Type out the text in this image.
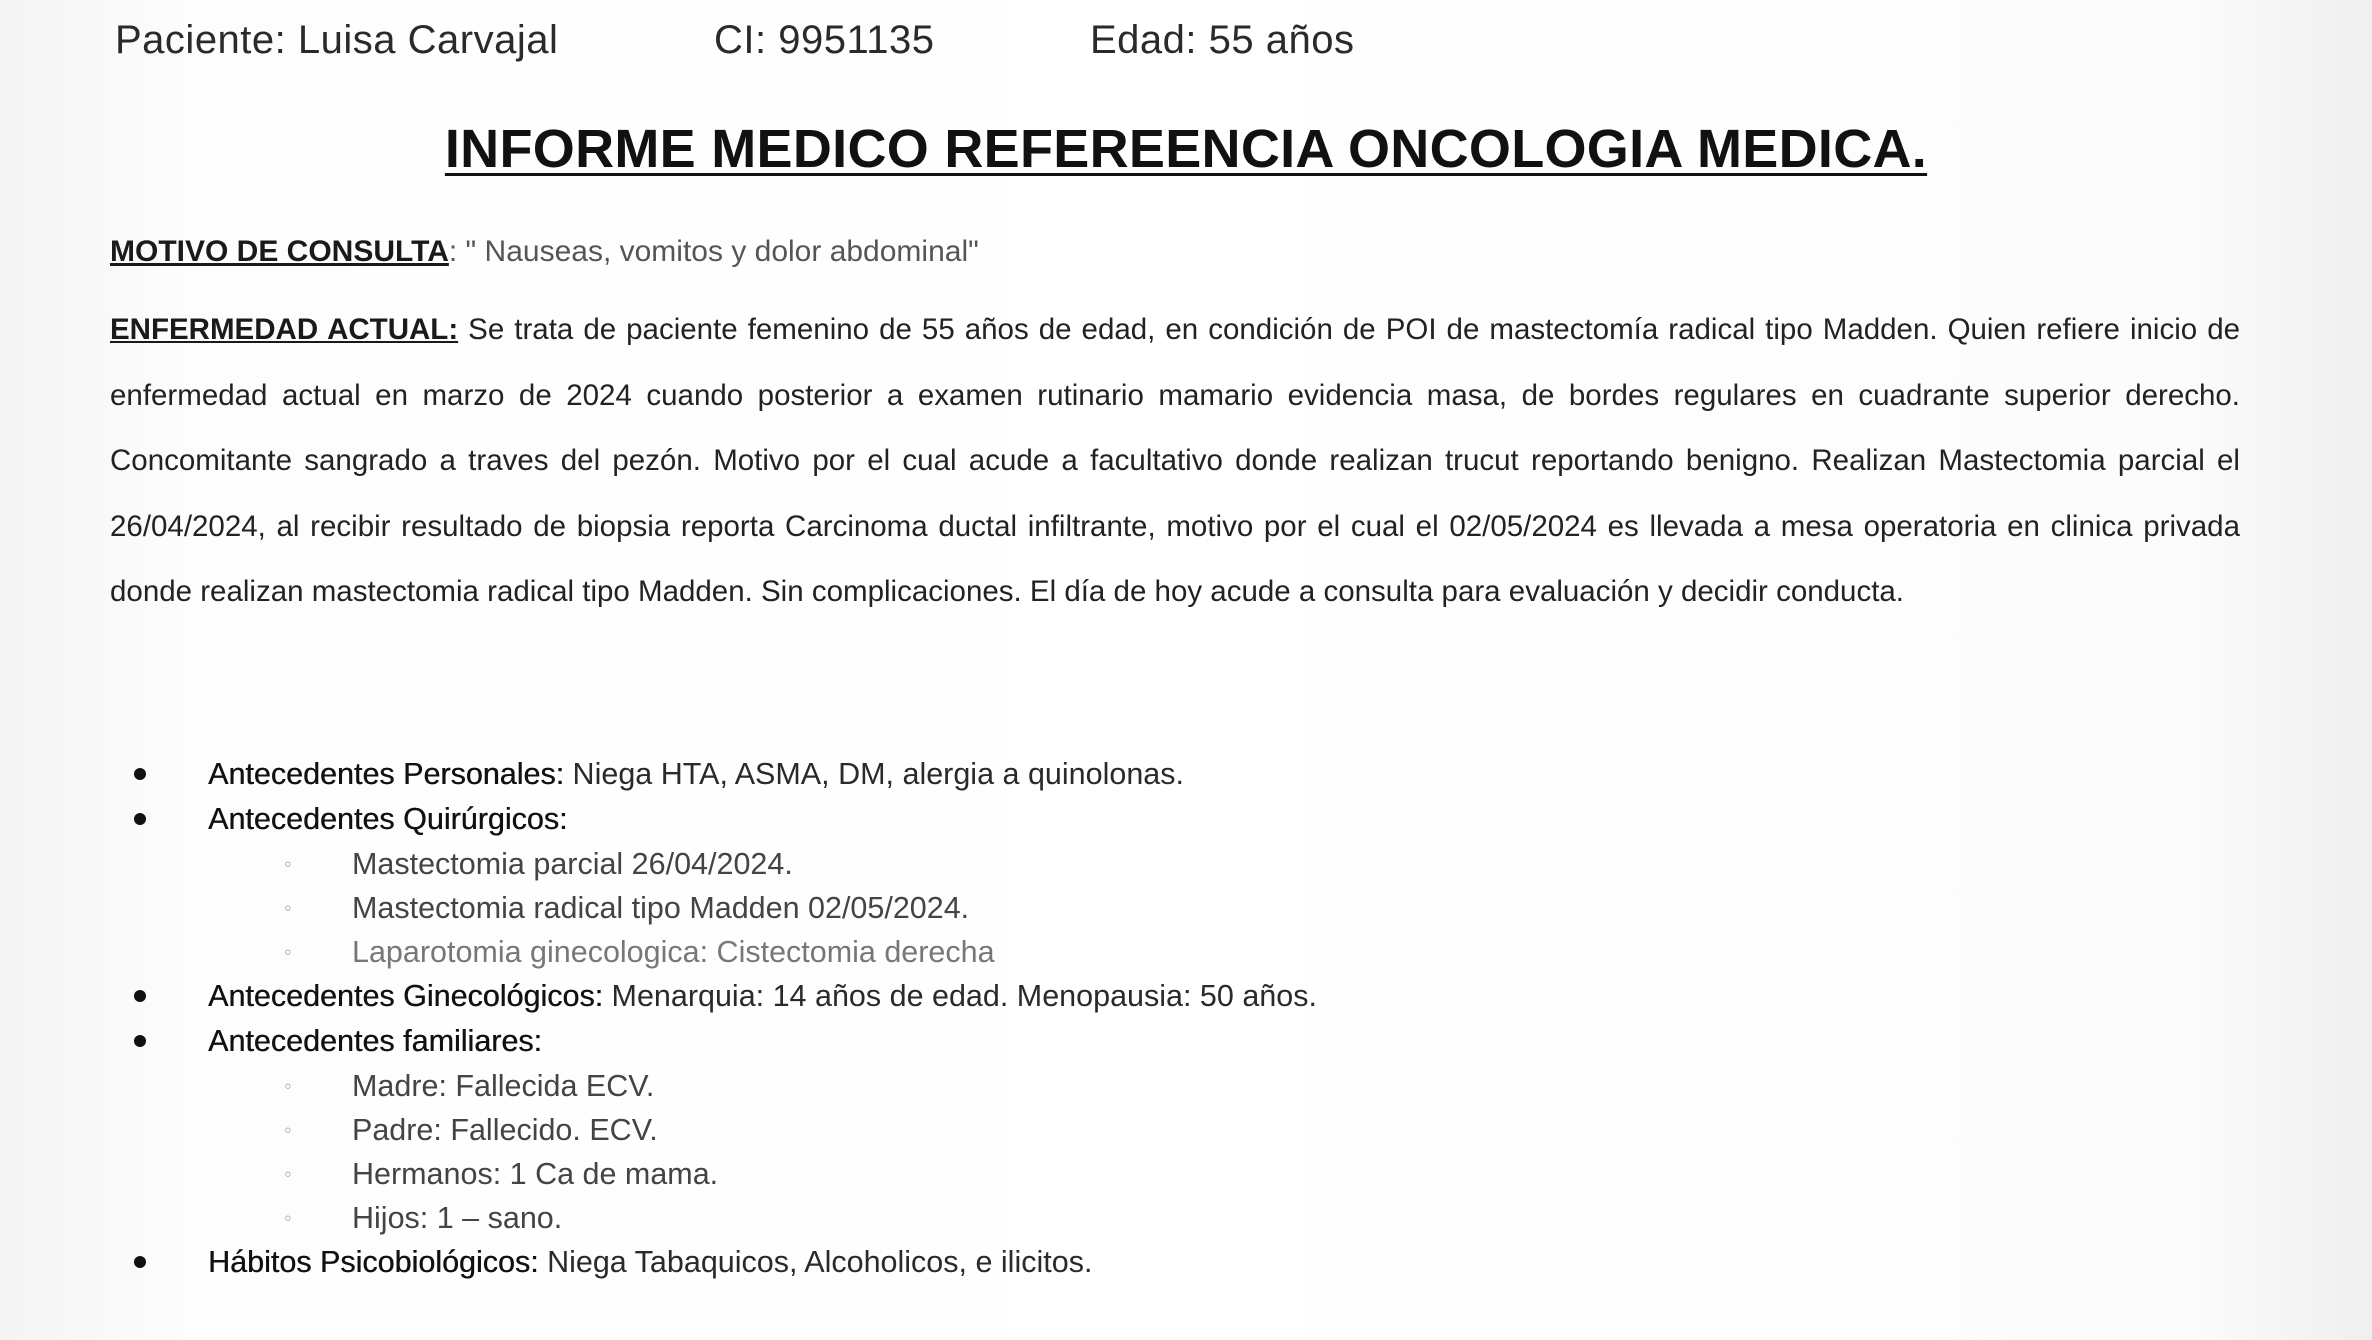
Paciente: Luisa Carvajal	CI: 9951135	Edad: 55 años
INFORME MEDICO REFEREENCIA ONCOLOGIA MEDICA.
MOTIVO DE CONSULTA: " Nauseas, vomitos y dolor abdominal"
ENFERMEDAD ACTUAL: Se trata de paciente femenino de 55 años de edad, en condición de POI de mastectomía radical tipo Madden. Quien refiere inicio de enfermedad actual en marzo de 2024 cuando posterior a examen rutinario mamario evidencia masa, de bordes regulares en cuadrante superior derecho. Concomitante sangrado a traves del pezón. Motivo por el cual acude a facultativo donde realizan trucut reportando benigno. Realizan Mastectomia parcial el 26/04/2024, al recibir resultado de biopsia reporta Carcinoma ductal infiltrante, motivo por el cual el 02/05/2024 es llevada a mesa operatoria en clinica privada donde realizan mastectomia radical tipo Madden. Sin complicaciones. El día de hoy acude a consulta para evaluación y decidir conducta.
Antecedentes Personales: Niega HTA, ASMA, DM, alergia a quinolonas.
Antecedentes Quirúrgicos:
◦ Mastectomia parcial 26/04/2024.
◦ Mastectomia radical tipo Madden 02/05/2024.
◦ Laparotomia ginecologica: Cistectomia derecha
Antecedentes Ginecológicos: Menarquia: 14 años de edad. Menopausia: 50 años.
Antecedentes familiares:
◦ Madre: Fallecida ECV.
◦ Padre: Fallecido. ECV.
◦ Hermanos: 1 Ca de mama.
◦ Hijos: 1 – sano.
Hábitos Psicobiológicos: Niega Tabaquicos, Alcoholicos, e ilicitos.
